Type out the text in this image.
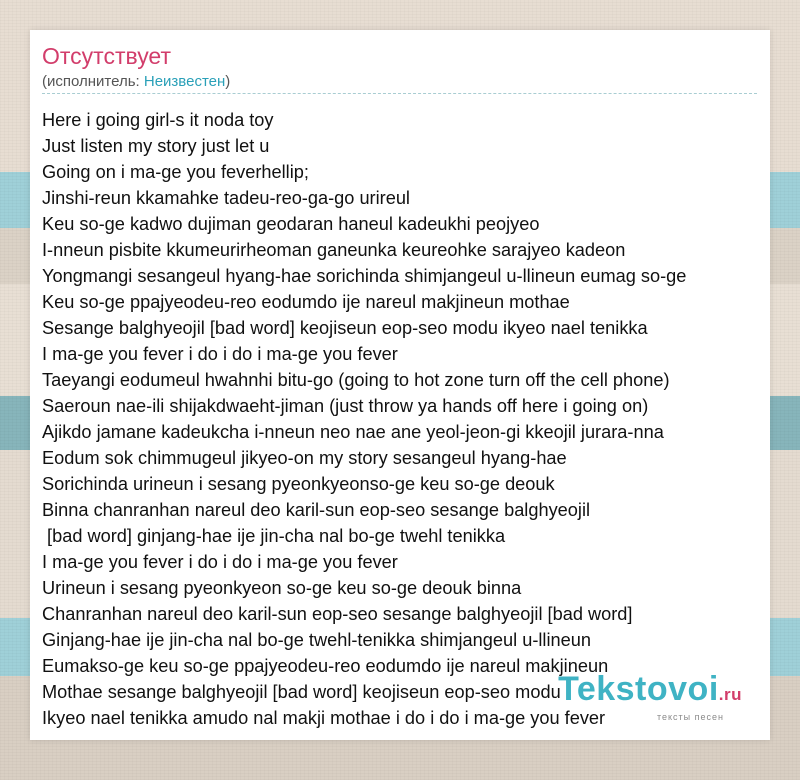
Отсутствует
(исполнитель: Неизвестен)
Here i going girl-s it noda toy
Just listen my story just let u
Going on i ma-ge you feverhellip;
Jinshi-reun kkamahke tadeu-reo-ga-go urireul
Keu so-ge kadwo dujiman geodaran haneul kadeukhi peojyeo
I-nneun pisbite kkumeurirheoman ganeunka keureohke sarajyeo kadeon
Yongmangi sesangeul hyang-hae sorichinda shimjangeul u-llineun eumag so-ge
Keu so-ge ppajyeodeu-reo eodumdo ije nareul makjineun mothae
Sesange balghyeojil [bad word] keojiseun eop-seo modu ikyeo nael tenikka
I ma-ge you fever i do i do i ma-ge you fever
Taeyangi eodumeul hwahnhi bitu-go (going to hot zone turn off the cell phone)
Saeroun nae-ili shijakdwaeht-jiman (just throw ya hands off here i going on)
Ajikdo jamane kadeukcha i-nneun neo nae ane yeol-jeon-gi kkeojil jurara-nna
Eodum sok chimmugeul jikyeo-on my story sesangeul hyang-hae
Sorichinda urineun i sesang pyeonkyeonso-ge keu so-ge deouk
Binna chanranhan nareul deo karil-sun eop-seo sesange balghyeojil
[bad word] ginjang-hae ije jin-cha nal bo-ge twehl tenikka
I ma-ge you fever i do i do i ma-ge you fever
Urineun i sesang pyeonkyeon so-ge keu so-ge deouk binna
Chanranhan nareul deo karil-sun eop-seo sesange balghyeojil [bad word]
Ginjang-hae ije jin-cha nal bo-ge twehl-tenikka shimjangeul u-llineun
Eumakso-ge keu so-ge ppajyeodeu-reo eodumdo ije nareul makjineun
Mothae sesange balghyeojil [bad word] keojiseun eop-seo modu
Ikyeo nael tenikka amudo nal makji mothae i do i do i ma-ge you fever
Tekstovoi.ru
тексты песен
